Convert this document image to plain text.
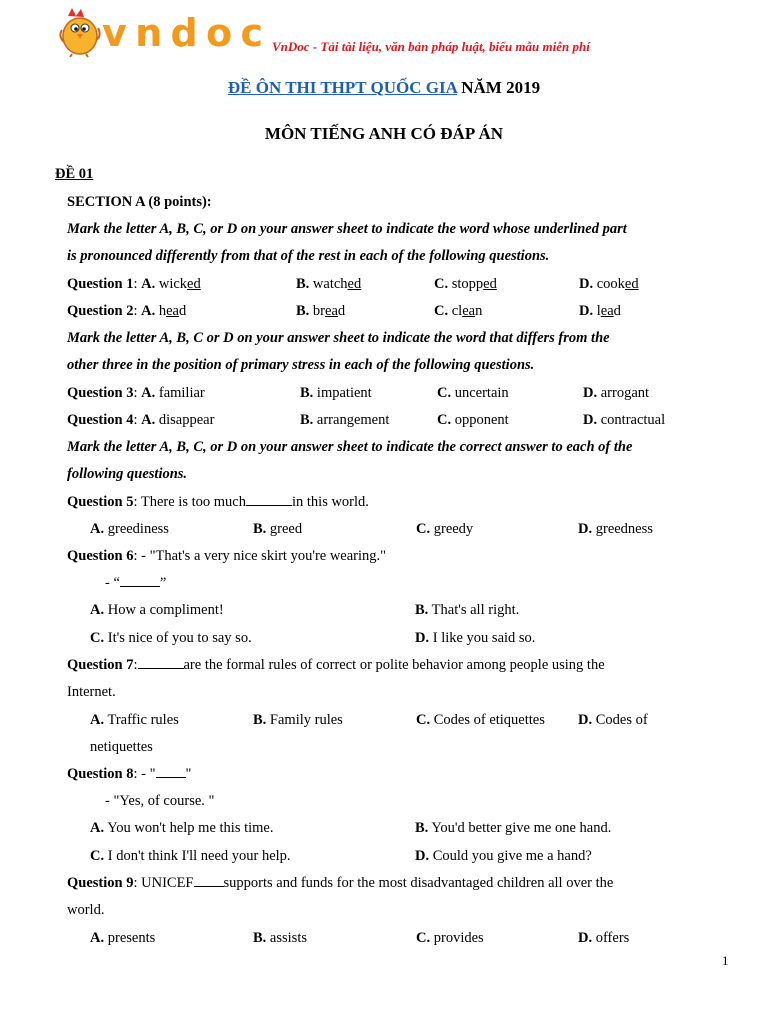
vndoc VnDoc - Tải tài liệu, văn bản pháp luật, biểu mẫu miễn phí
ĐỀ ÔN THI THPT QUỐC GIA NĂM 2019
MÔN TIẾNG ANH CÓ ĐÁP ÁN
ĐỀ 01
SECTION A (8 points):
Mark the letter A, B, C, or D on your answer sheet to indicate the word whose underlined part
is pronounced differently from that of the rest in each of the following questions.
Question 1: A. wicked	B. watched	C. stopped	D. cooked
Question 2: A. head	B. bread	C. clean	D. lead
Mark the letter A, B, C or D on your answer sheet to indicate the word that differs from the
other three in the position of primary stress in each of the following questions.
Question 3: A. familiar	B. impatient	C. uncertain	D. arrogant
Question 4: A. disappear	B. arrangement	C. opponent	D. contractual
Mark the letter A, B, C, or D on your answer sheet to indicate the correct answer to each of the
following questions.
Question 5: There is too much	in this world.
A. greediness	B. greed	C. greedy	D. greedness
Question 6: - "That's a very nice skirt you're wearing."
- “	”
A. How a compliment!	B. That's all right.
C. It's nice of you to say so.	D. I like you said so.
Question 7:	are the formal rules of correct or polite behavior among people using the
Internet.
A. Traffic rules	B. Family rules	C. Codes of etiquettes D. Codes of
netiquettes
Question 8: - " "
- "Yes, of course. "
A. You won't help me this time.	B. You'd better give me one hand.
C. I don't think I'll need your help.	D. Could you give me a hand?
Question 9: UNICEF supports and funds for the most disadvantaged children all over the
world.
A. presents	B. assists	C. provides	D. offers
1
